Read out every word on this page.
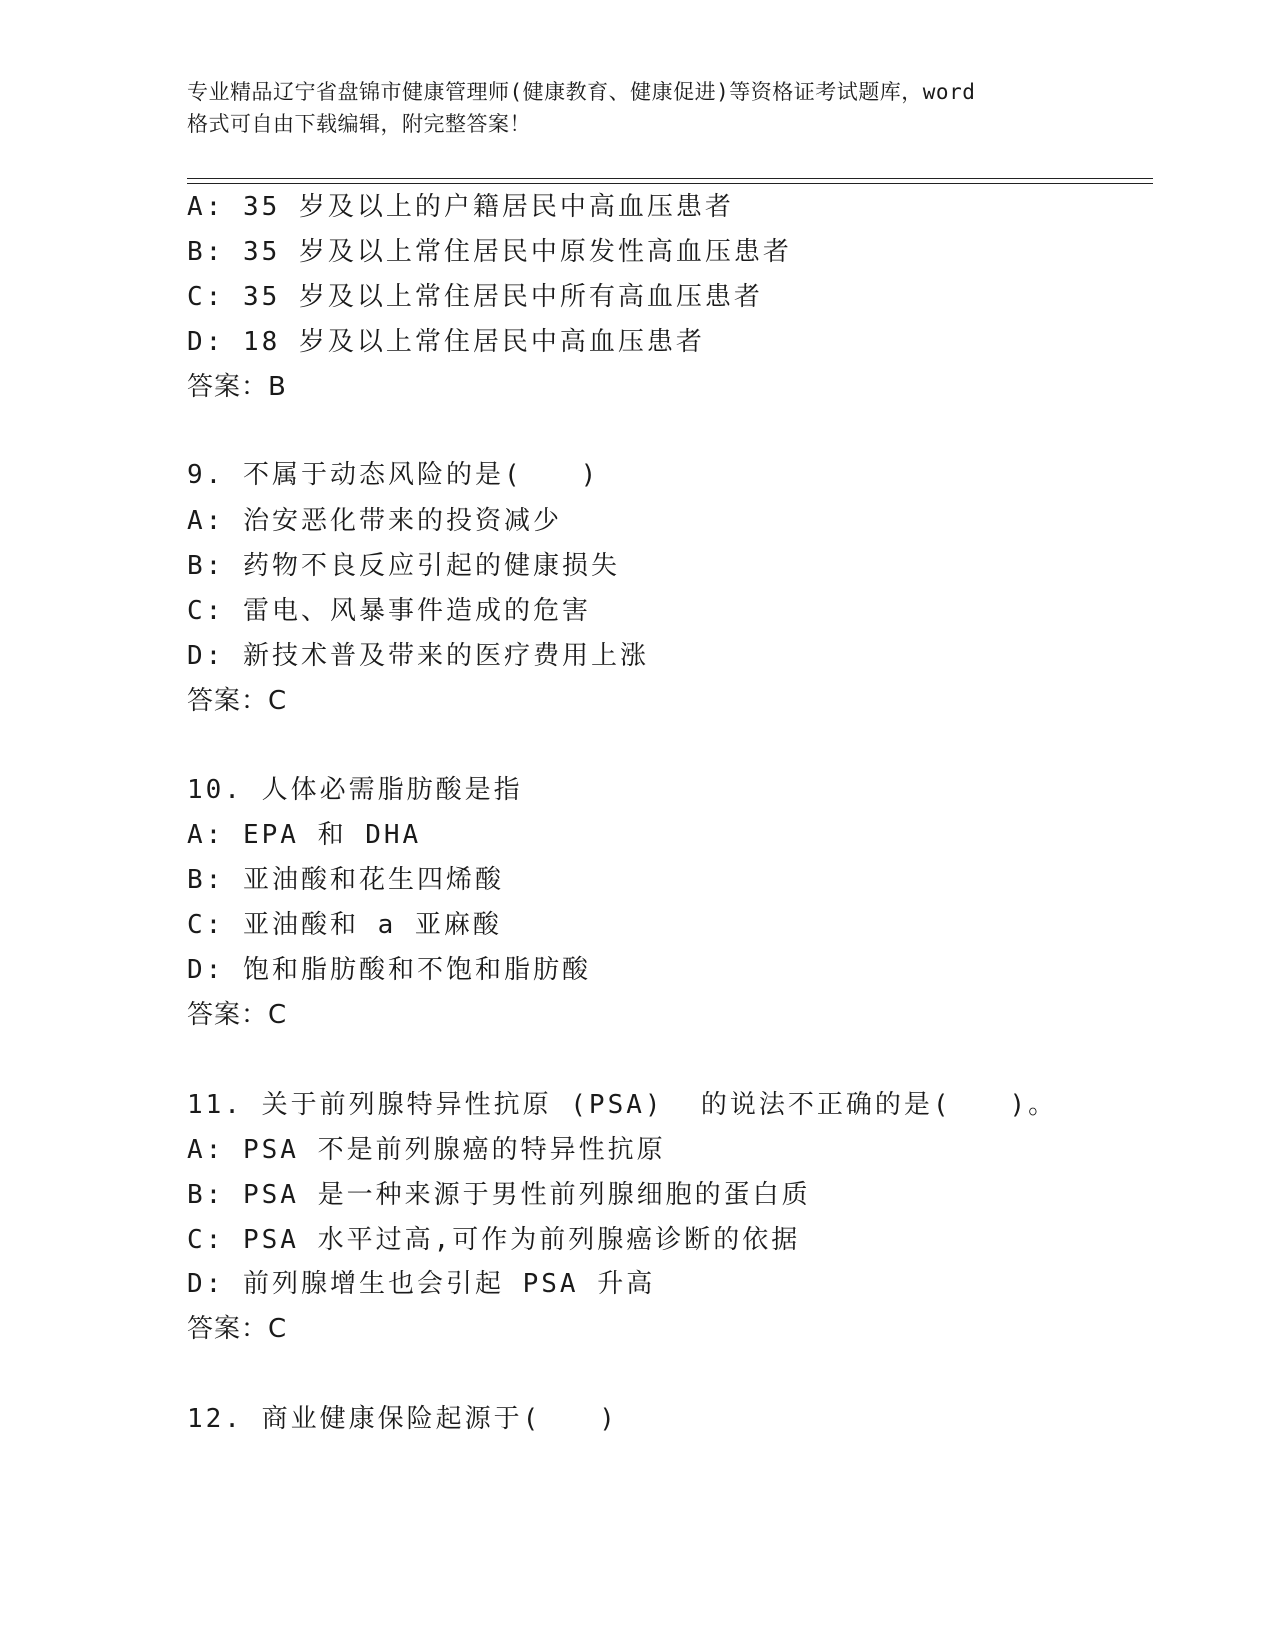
专业精品辽宁省盘锦市健康管理师(健康教育、健康促进)等资格证考试题库，word
格式可自由下载编辑，附完整答案！
A: 35 岁及以上的户籍居民中高血压患者
B: 35 岁及以上常住居民中原发性高血压患者
C: 35 岁及以上常住居民中所有高血压患者
D: 18 岁及以上常住居民中高血压患者
答案：B
9. 不属于动态风险的是(　　)
A: 治安恶化带来的投资减少
B: 药物不良反应引起的健康损失
C: 雷电、风暴事件造成的危害
D: 新技术普及带来的医疗费用上涨
答案：C
10. 人体必需脂肪酸是指
A: EPA 和 DHA
B: 亚油酸和花生四烯酸
C: 亚油酸和 a 亚麻酸
D: 饱和脂肪酸和不饱和脂肪酸
答案：C
11. 关于前列腺特异性抗原 (PSA)  的说法不正确的是(　　)。
A: PSA 不是前列腺癌的特异性抗原
B: PSA 是一种来源于男性前列腺细胞的蛋白质
C: PSA 水平过高,可作为前列腺癌诊断的依据
D: 前列腺增生也会引起 PSA 升高
答案：C
12. 商业健康保险起源于(　　)
